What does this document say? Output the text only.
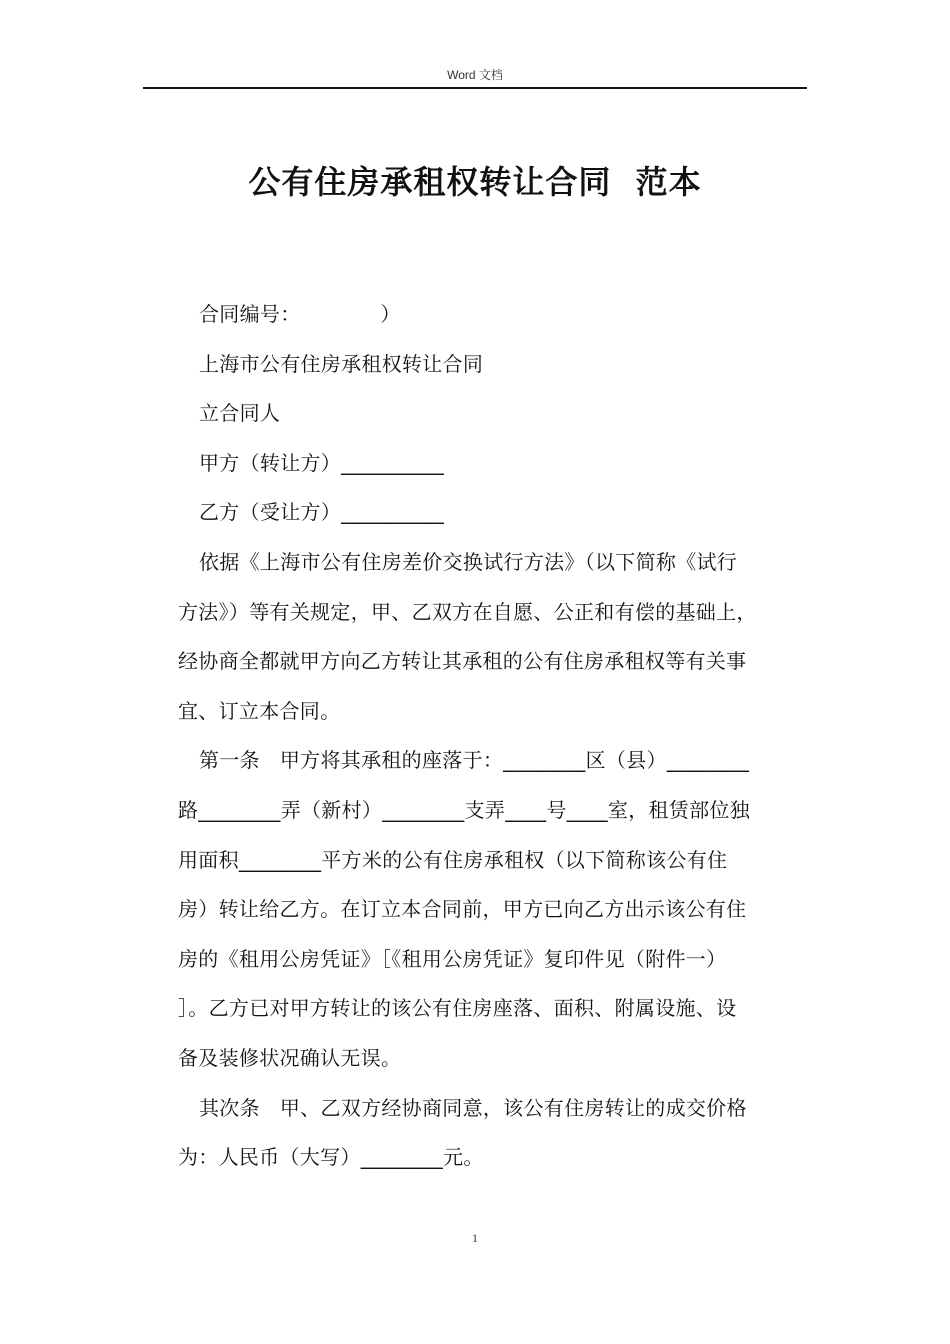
Word 文档
公有住房承租权转让合同  范本
合同编号：            ）
上海市公有住房承租权转让合同
立合同人
甲方（转让方）__________
乙方（受让方）__________
依据《上海市公有住房差价交换试行方法》（以下简称《试行
方法》）等有关规定，甲、乙双方在自愿、公正和有偿的基础上，
经协商全都就甲方向乙方转让其承租的公有住房承租权等有关事
宜、订立本合同。
第一条   甲方将其承租的座落于：________区（县）________
路________弄（新村）________支弄____号____室，租赁部位独
用面积________平方米的公有住房承租权（以下简称该公有住
房）转让给乙方。在订立本合同前，甲方已向乙方出示该公有住
房的《租用公房凭证》［《租用公房凭证》复印件见（附件一）
］。乙方已对甲方转让的该公有住房座落、面积、附属设施、设
备及装修状况确认无误。
其次条   甲、乙双方经协商同意，该公有住房转让的成交价格
为：人民币（大写）________元。
1
